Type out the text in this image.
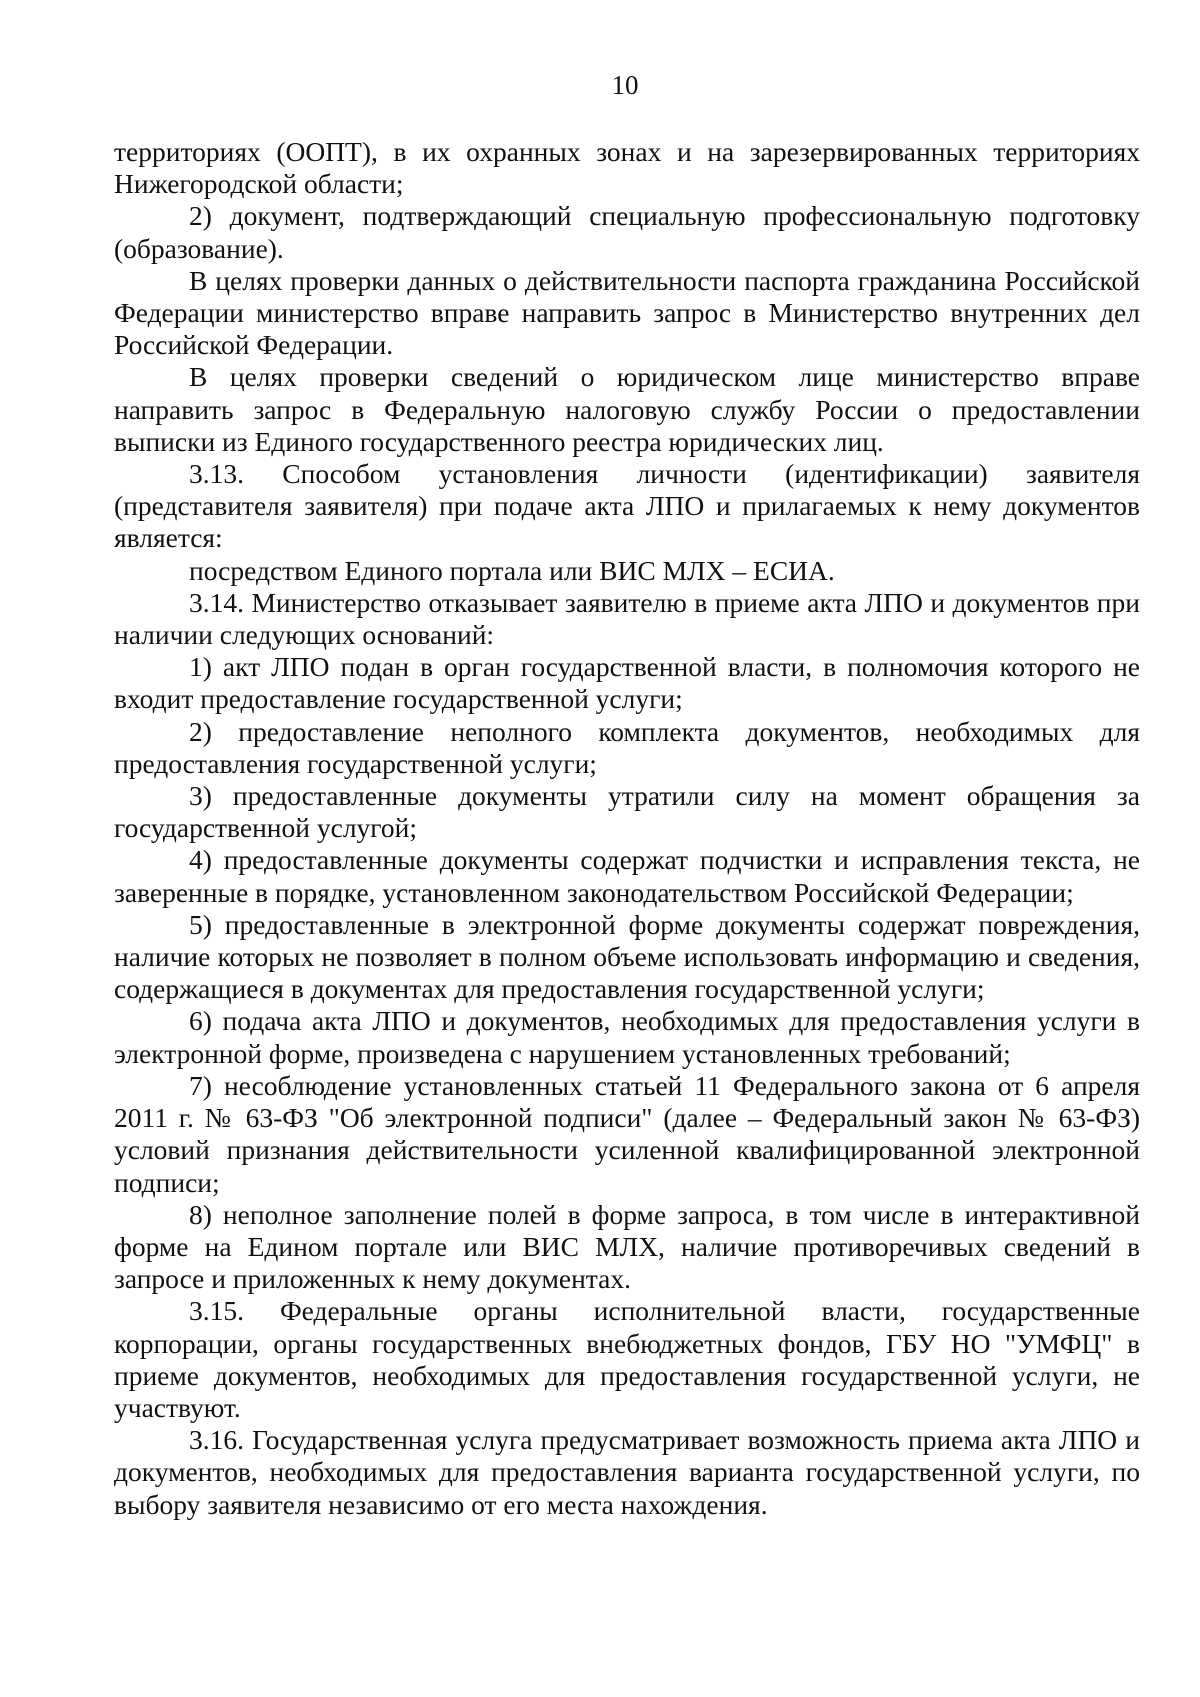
10

территориях (ООПТ), в их охранных зонах и на зарезервированных территориях Нижегородской области;

2) документ, подтверждающий специальную профессиональную подготовку (образование).

В целях проверки данных о действительности паспорта гражданина Российской Федерации министерство вправе направить запрос в Министерство внутренних дел Российской Федерации.

В целях проверки сведений о юридическом лице министерство вправе направить запрос в Федеральную налоговую службу России о предоставлении выписки из Единого государственного реестра юридических лиц.

3.13. Способом установления личности (идентификации) заявителя (представителя заявителя) при подаче акта ЛПО и прилагаемых к нему документов является:

посредством Единого портала или ВИС МЛХ – ЕСИА.

3.14. Министерство отказывает заявителю в приеме акта ЛПО и документов при наличии следующих оснований:

1) акт ЛПО подан в орган государственной власти, в полномочия которого не входит предоставление государственной услуги;

2) предоставление неполного комплекта документов, необходимых для предоставления государственной услуги;

3) предоставленные документы утратили силу на момент обращения за государственной услугой;

4) предоставленные документы содержат подчистки и исправления текста, не заверенные в порядке, установленном законодательством Российской Федерации;

5) предоставленные в электронной форме документы содержат повреждения, наличие которых не позволяет в полном объеме использовать информацию и сведения, содержащиеся в документах для предоставления государственной услуги;

6) подача акта ЛПО и документов, необходимых для предоставления услуги в электронной форме, произведена с нарушением установленных требований;

7) несоблюдение установленных статьей 11 Федерального закона от 6 апреля 2011 г. № 63-ФЗ "Об электронной подписи" (далее – Федеральный закон № 63-ФЗ) условий признания действительности усиленной квалифицированной электронной подписи;

8) неполное заполнение полей в форме запроса, в том числе в интерактивной форме на Едином портале или ВИС МЛХ, наличие противоречивых сведений в запросе и приложенных к нему документах.

3.15. Федеральные органы исполнительной власти, государственные корпорации, органы государственных внебюджетных фондов, ГБУ НО "УМФЦ" в приеме документов, необходимых для предоставления государственной услуги, не участвуют.

3.16. Государственная услуга предусматривает возможность приема акта ЛПО и документов, необходимых для предоставления варианта государственной услуги, по выбору заявителя независимо от его места нахождения.
